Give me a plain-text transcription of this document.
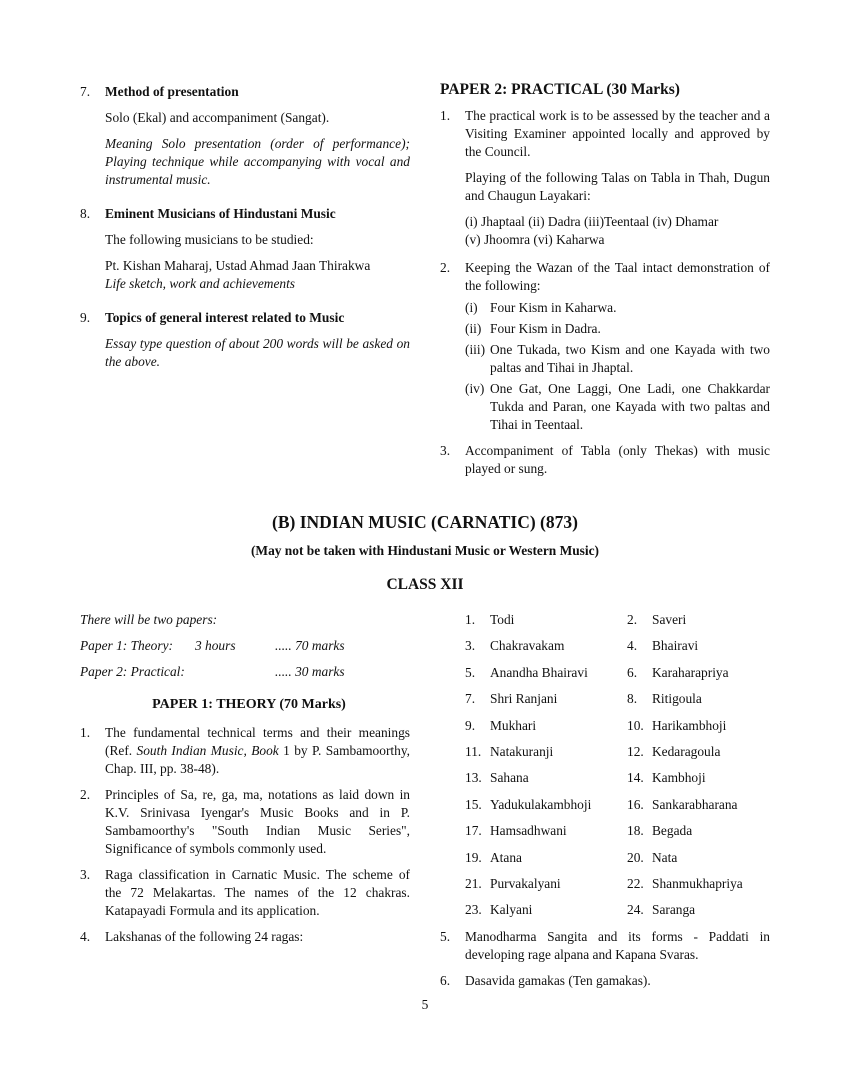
7.	Method of presentation
Solo (Ekal) and accompaniment (Sangat).
Meaning Solo presentation (order of performance); Playing technique while accompanying with vocal and instrumental music.
8.	Eminent Musicians of Hindustani Music
The following musicians to be studied:
Pt. Kishan Maharaj, Ustad Ahmad Jaan Thirakwa
Life sketch, work and achievements
9.	Topics of general interest related to Music
Essay type question of about 200 words will be asked on the above.
PAPER 2: PRACTICAL (30 Marks)
1.	The practical work is to be assessed by the teacher and a Visiting Examiner appointed locally and approved by the Council.
Playing of the following Talas on Tabla in Thah, Dugun and Chaugun Layakari:
(i) Jhaptaal (ii) Dadra (iii)Teentaal (iv) Dhamar
(v) Jhoomra (vi) Kaharwa
2.	Keeping the Wazan of the Taal intact demonstration of the following:
(i) Four Kism in Kaharwa.
(ii) Four Kism in Dadra.
(iii) One Tukada, two Kism and one Kayada with two paltas and Tihai in Jhaptal.
(iv) One Gat, One Laggi, One Ladi, one Chakkardar Tukda and Paran, one Kayada with two paltas and Tihai in Teentaal.
3.	Accompaniment of Tabla (only Thekas) with music played or sung.
(B) INDIAN MUSIC (CARNATIC) (873)
(May not be taken with Hindustani Music or Western Music)
CLASS XII
There will be two papers:
Paper 1: Theory:	3 hours	..... 70 marks
Paper 2: Practical:	..... 30 marks
PAPER 1: THEORY (70 Marks)
1.	The fundamental technical terms and their meanings (Ref. South Indian Music, Book 1 by P. Sambamoorthy, Chap. III, pp. 38-48).
2.	Principles of Sa, re, ga, ma, notations as laid down in K.V. Srinivasa Iyengar's Music Books and in P. Sambamoorthy's "South Indian Music Series", Significance of symbols commonly used.
3.	Raga classification in Carnatic Music. The scheme of the 72 Melakartas. The names of the 12 chakras. Katapayadi Formula and its application.
4.	Lakshanas of the following 24 ragas:
1.	Todi	2.	Saveri
3.	Chakravakam	4.	Bhairavi
5.	Anandha Bhairavi	6.	Karaharapriya
7.	Shri Ranjani	8.	Ritigoula
9.	Mukhari	10. Harikambhoji
11. Natakuranji	12. Kedaragoula
13. Sahana	14. Kambhoji
15. Yadukulakambhoji	16. Sankarabharana
17. Hamsadhwani	18. Begada
19. Atana	20. Nata
21. Purvakalyani	22. Shanmukhapriya
23. Kalyani	24. Saranga
5.	Manodharma Sangita and its forms - Paddati in developing rage alpana and Kapana Svaras.
6.	Dasavida gamakas (Ten gamakas).
5
